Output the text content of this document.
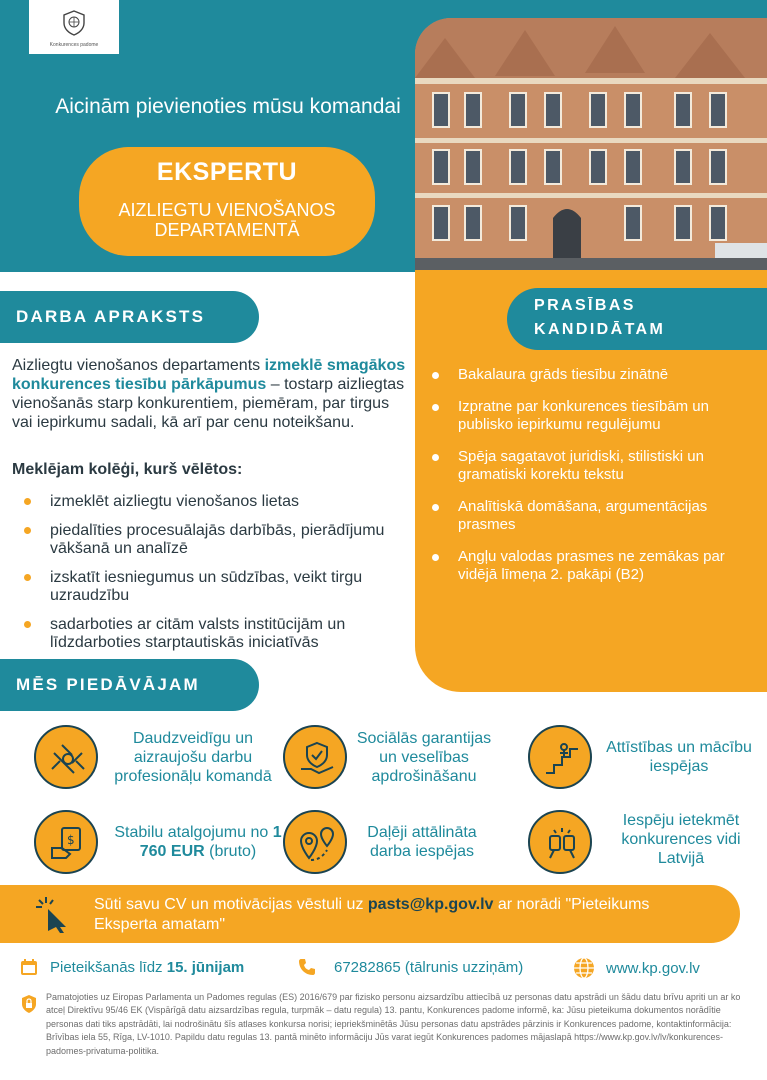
Konkurences padome
Aicinām pievienoties mūsu komandai
EKSPERTU
AIZLIEGTU VIENOŠANOS DEPARTAMENTĀ
PRASĪBAS KANDIDĀTAM
Bakalaura grāds tiesību zinātnē
Izpratne par konkurences tiesībām un publisko iepirkumu regulējumu
Spēja sagatavot juridiski, stilistiski un gramatiski korektu tekstu
Analītiskā domāšana, argumentācijas prasmes
Angļu valodas prasmes ne zemākas par vidējā līmeņa 2. pakāpi (B2)
DARBA APRAKSTS
Aizliegtu vienošanos departaments izmeklē smagākos konkurences tiesību pārkāpumus – tostarp aizliegtas vienošanās starp konkurentiem, piemēram, par tirgus vai iepirkumu sadali, kā arī par cenu noteikšanu.
Meklējam kolēģi, kurš vēlētos:
izmeklēt aizliegtu vienošanos lietas
piedalīties procesuālajās darbībās, pierādījumu vākšanā un analīzē
izskatīt iesniegumus un sūdzības, veikt tirgu uzraudzību
sadarboties ar citām valsts institūcijām un līdzdarboties starptautiskās iniciatīvās
MĒS PIEDĀVĀJAM
Daudzveidīgu un aizraujošu darbu profesionāļu komandā
Sociālās garantijas un veselības apdrošināšanu
Attīstības un mācību iespējas
$	Stabilu atalgojumu no 1 760 EUR (bruto)
Daļēji attālināta darba iespējas
Iespēju ietekmēt konkurences vidi Latvijā
Sūti savu CV un motivācijas vēstuli uz pasts@kp.gov.lv ar norādi "Pieteikums Eksperta amatam"
Pieteikšanās līdz 15. jūnijam	67282865 (tālrunis uzziņām)	www.kp.gov.lv
Pamatojoties uz Eiropas Parlamenta un Padomes regulas (ES) 2016/679 par fizisko personu aizsardzību attiecībā uz personas datu apstrādi un šādu datu brīvu apriti un ar ko atceļ Direktīvu 95/46 EK (Vispārīgā datu aizsardzības regula, turpmāk – datu regula) 13. pantu, Konkurences padome informē, ka: Jūsu pieteikuma dokumentos norādītie personas dati tiks apstrādāti, lai nodrošinātu šīs atlases konkursa norisi; iepriekšminētās Jūsu personas datu apstrādes pārzinis ir Konkurences padome, kontaktinformācija: Brīvības iela 55, Rīga, LV-1010. Papildu datu regulas 13. pantā minēto informāciju Jūs varat iegūt Konkurences padomes mājaslapā https://www.kp.gov.lv/lv/konkurences-padomes-privatuma-politika.
